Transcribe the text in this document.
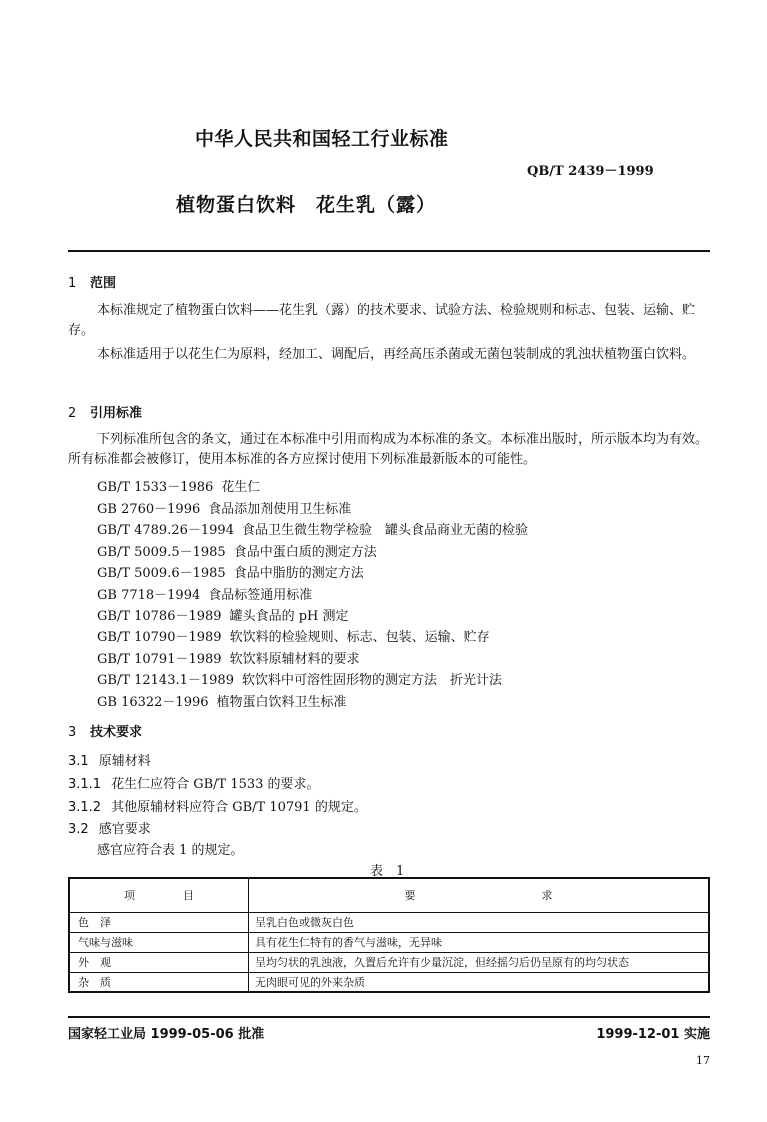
中华人民共和国轻工行业标准
QB/T 2439－1999
植物蛋白饮料　花生乳（露）
1 范围
本标准规定了植物蛋白饮料——花生乳（露）的技术要求、试验方法、检验规则和标志、包装、运输、贮存。
本标准适用于以花生仁为原料，经加工、调配后，再经高压杀菌或无菌包装制成的乳浊状植物蛋白饮料。
2 引用标准
下列标准所包含的条文，通过在本标准中引用而构成为本标准的条文。本标准出版时，所示版本均为有效。所有标准都会被修订，使用本标准的各方应探讨使用下列标准最新版本的可能性。
GB/T 1533－1986 花生仁
GB 2760－1996 食品添加剂使用卫生标准
GB/T 4789.26－1994 食品卫生微生物学检验　罐头食品商业无菌的检验
GB/T 5009.5－1985 食品中蛋白质的测定方法
GB/T 5009.6－1985 食品中脂肪的测定方法
GB 7718－1994 食品标签通用标准
GB/T 10786－1989 罐头食品的 pH 测定
GB/T 10790－1989 软饮料的检验规则、标志、包装、运输、贮存
GB/T 10791－1989 软饮料原辅材料的要求
GB/T 12143.1－1989 软饮料中可溶性固形物的测定方法　折光计法
GB 16322－1996 植物蛋白饮料卫生标准
3 技术要求
3.1 原辅材料
3.1.1 花生仁应符合 GB/T 1533 的要求。
3.1.2 其他原辅材料应符合 GB/T 10791 的规定。
3.2 感官要求
感官应符合表 1 的规定。
表　1
项 目	要 求
色　泽	呈乳白色或微灰白色
气味与滋味	具有花生仁特有的香气与滋味，无异味
外　观	呈均匀状的乳浊液，久置后允许有少量沉淀，但经摇匀后仍呈原有的均匀状态
杂　质	无肉眼可见的外来杂质
国家轻工业局 1999-05-06 批准	1999-12-01 实施
17
